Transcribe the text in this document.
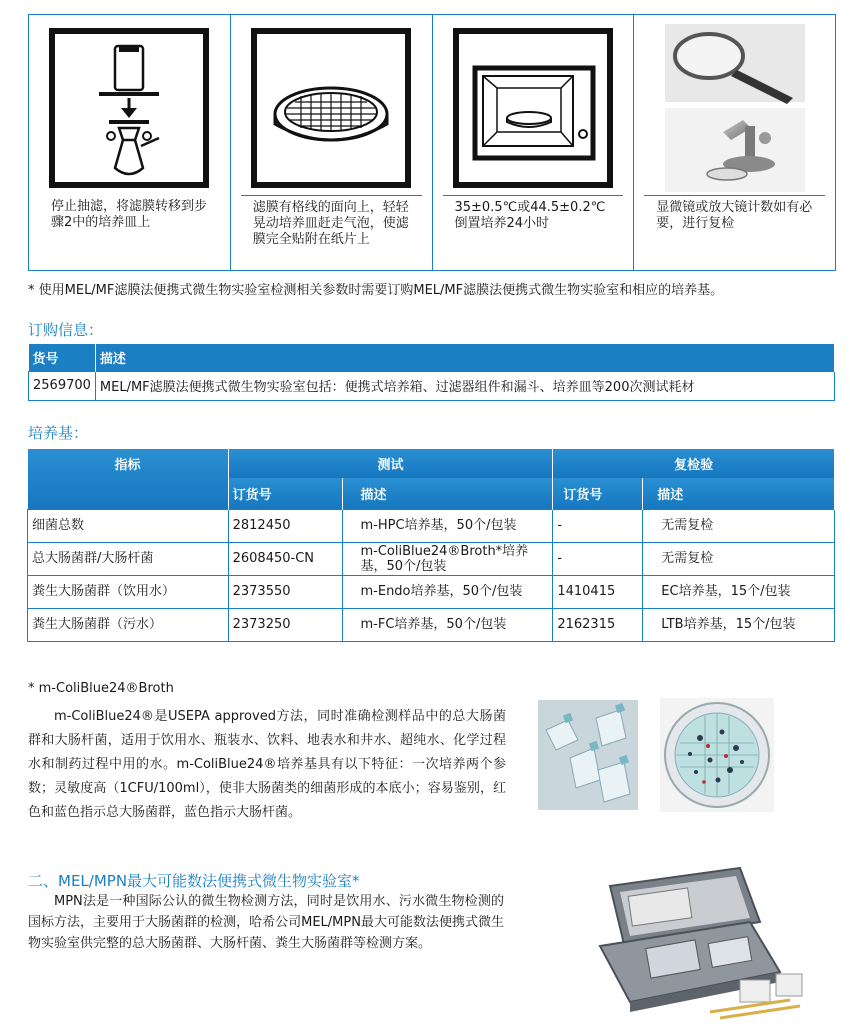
停止抽滤，将滤膜转移到步骤2中的培养皿上
滤膜有格线的面向上，轻轻晃动培养皿赶走气泡，使滤膜完全贴附在纸片上
35±0.5℃或44.5±0.2℃倒置培养24小时
显微镜或放大镜计数如有必要，进行复检
* 使用MEL/MF滤膜法便携式微生物实验室检测相关参数时需要订购MEL/MF滤膜法便携式微生物实验室和相应的培养基。
订购信息：
货号	描述
2569700	MEL/MF滤膜法便携式微生物实验室包括：便携式培养箱、过滤器组件和漏斗、培养皿等200次测试耗材
培养基：
指标	测试		复检验	
	订货号	描述	订货号	描述
细菌总数	2812450	m-HPC培养基，50个/包装	-	无需复检
总大肠菌群/大肠杆菌	2608450-CN	m-ColiBlue24®Broth*培养基，50个/包装	-	无需复检
粪生大肠菌群（饮用水）	2373550	m-Endo培养基，50个/包装	1410415	EC培养基，15个/包装
粪生大肠菌群（污水）	2373250	m-FC培养基，50个/包装	2162315	LTB培养基，15个/包装
* m-ColiBlue24®Broth
m-ColiBlue24®是USEPA approved方法，同时准确检测样品中的总大肠菌群和大肠杆菌，适用于饮用水、瓶装水、饮料、地表水和井水、超纯水、化学过程水和制药过程中用的水。m-ColiBlue24®培养基具有以下特征：一次培养两个参数；灵敏度高（1CFU/100ml），使非大肠菌类的细菌形成的本底小；容易鉴别，红色和蓝色指示总大肠菌群，蓝色指示大肠杆菌。
二、MEL/MPN最大可能数法便携式微生物实验室*
MPN法是一种国际公认的微生物检测方法，同时是饮用水、污水微生物检测的国标方法，主要用于大肠菌群的检测，哈希公司MEL/MPN最大可能数法便携式微生物实验室供完整的总大肠菌群、大肠杆菌、粪生大肠菌群等检测方案。
